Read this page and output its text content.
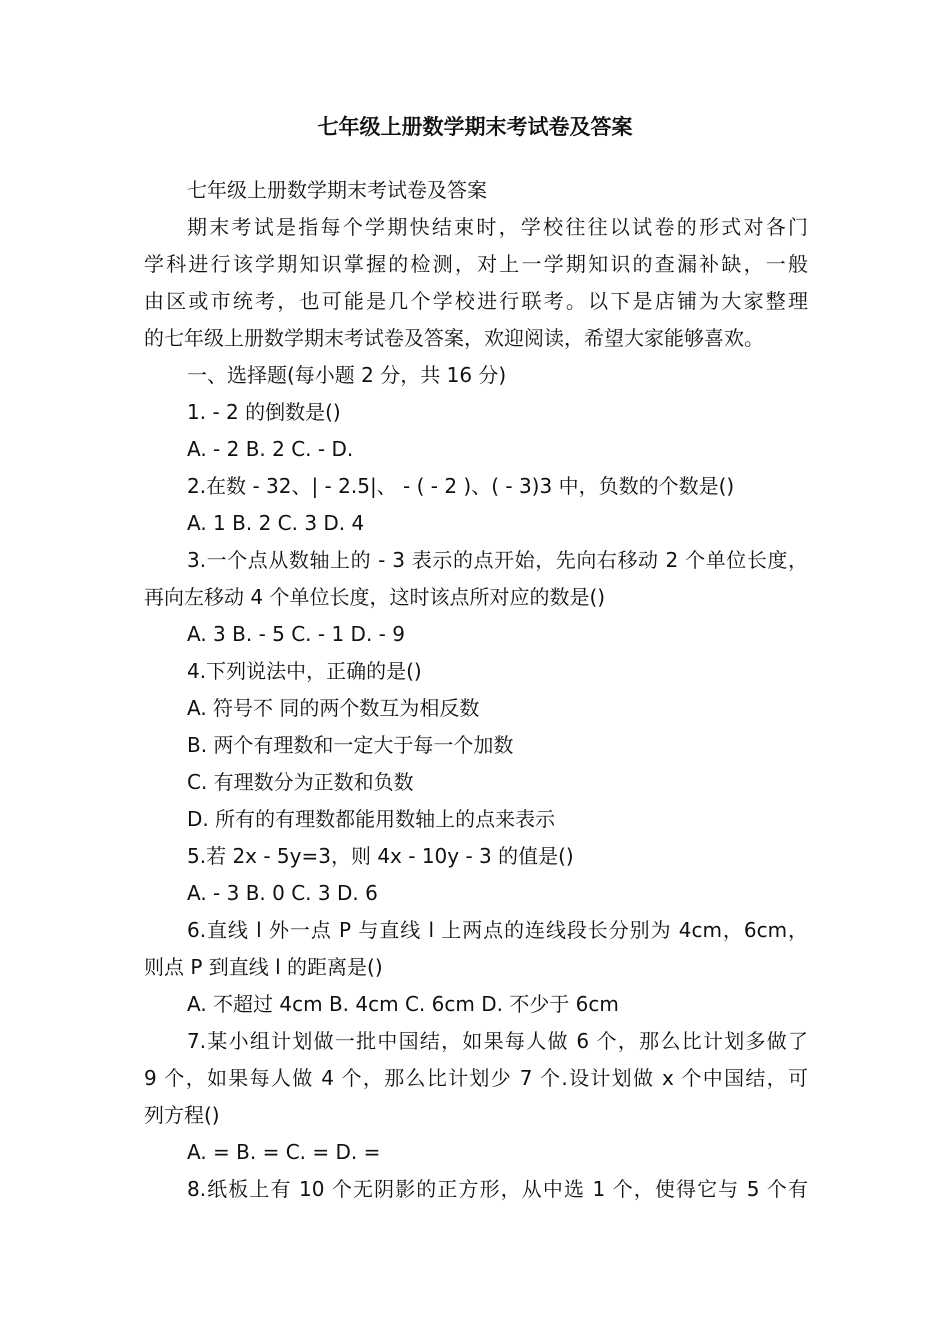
七年级上册数学期末考试卷及答案

七年级上册数学期末考试卷及答案

期末考试是指每个学期快结束时，学校往往以试卷的形式对各门

学科进行该学期知识掌握的检测，对上一学期知识的查漏补缺，一般

由区或市统考，也可能是几个学校进行联考。以下是店铺为大家整理

的七年级上册数学期末考试卷及答案，欢迎阅读，希望大家能够喜欢。

一、选择题(每小题 2 分，共 16 分)

1. - 2 的倒数是()

A. - 2 B. 2 C. - D.

2.在数 - 32、| - 2.5|、 - ( - 2 )、( - 3)3 中，负数的个数是()

A. 1 B. 2 C. 3 D. 4

3.一个点从数轴上的 - 3 表示的点开始，先向右移动 2 个单位长度，

再向左移动 4 个单位长度，这时该点所对应的数是()

A. 3 B. - 5 C. - 1 D. - 9

4.下列说法中，正确的是()

A. 符号不 同的两个数互为相反数

B. 两个有理数和一定大于每一个加数

C. 有理数分为正数和负数

D. 所有的有理数都能用数轴上的点来表示

5.若 2x - 5y=3，则 4x - 10y - 3 的值是()

A. - 3 B. 0 C. 3 D. 6

6.直线 l 外一点 P 与直线 l 上两点的连线段长分别为 4cm，6cm，

则点 P 到直线 l 的距离是()

A. 不超过 4cm B. 4cm C. 6cm D. 不少于 6cm

7.某小组计划做一批中国结，如果每人做 6 个，那么比计划多做了

9 个，如果每人做 4 个，那么比计划少 7 个.设计划做 x 个中国结，可

列方程()

A. = B. = C. = D. =

8.纸板上有 10 个无阴影的正方形，从中选 1 个，使得它与 5 个有
